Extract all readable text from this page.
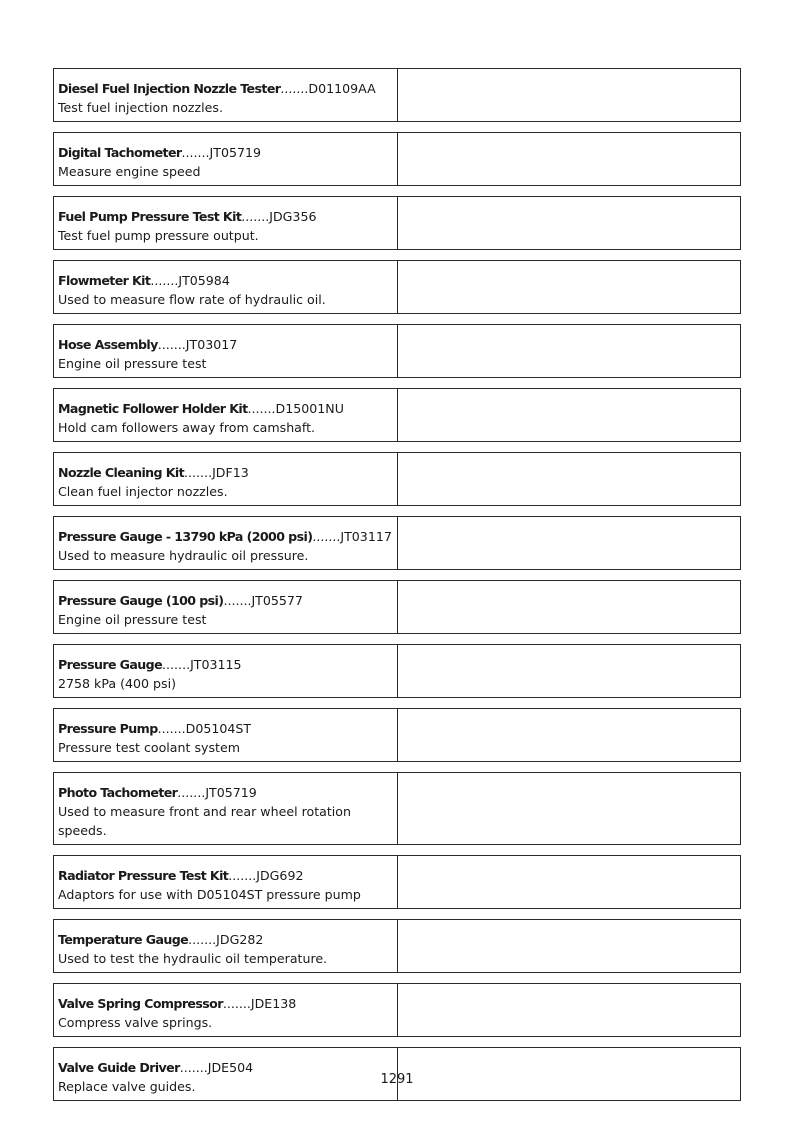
Diesel Fuel Injection Nozzle Tester.......D01109AA
Test fuel injection nozzles.
Digital Tachometer.......JT05719
Measure engine speed
Fuel Pump Pressure Test Kit.......JDG356
Test fuel pump pressure output.
Flowmeter Kit.......JT05984
Used to measure flow rate of hydraulic oil.
Hose Assembly.......JT03017
Engine oil pressure test
Magnetic Follower Holder Kit.......D15001NU
Hold cam followers away from camshaft.
Nozzle Cleaning Kit.......JDF13
Clean fuel injector nozzles.
Pressure Gauge - 13790 kPa (2000 psi).......JT03117
Used to measure hydraulic oil pressure.
Pressure Gauge (100 psi).......JT05577
Engine oil pressure test
Pressure Gauge.......JT03115
2758 kPa (400 psi)
Pressure Pump.......D05104ST
Pressure test coolant system
Photo Tachometer.......JT05719
Used to measure front and rear wheel rotation speeds.
Radiator Pressure Test Kit.......JDG692
Adaptors for use with D05104ST pressure pump
Temperature Gauge.......JDG282
Used to test the hydraulic oil temperature.
Valve Spring Compressor.......JDE138
Compress valve springs.
Valve Guide Driver.......JDE504
Replace valve guides.	1291
